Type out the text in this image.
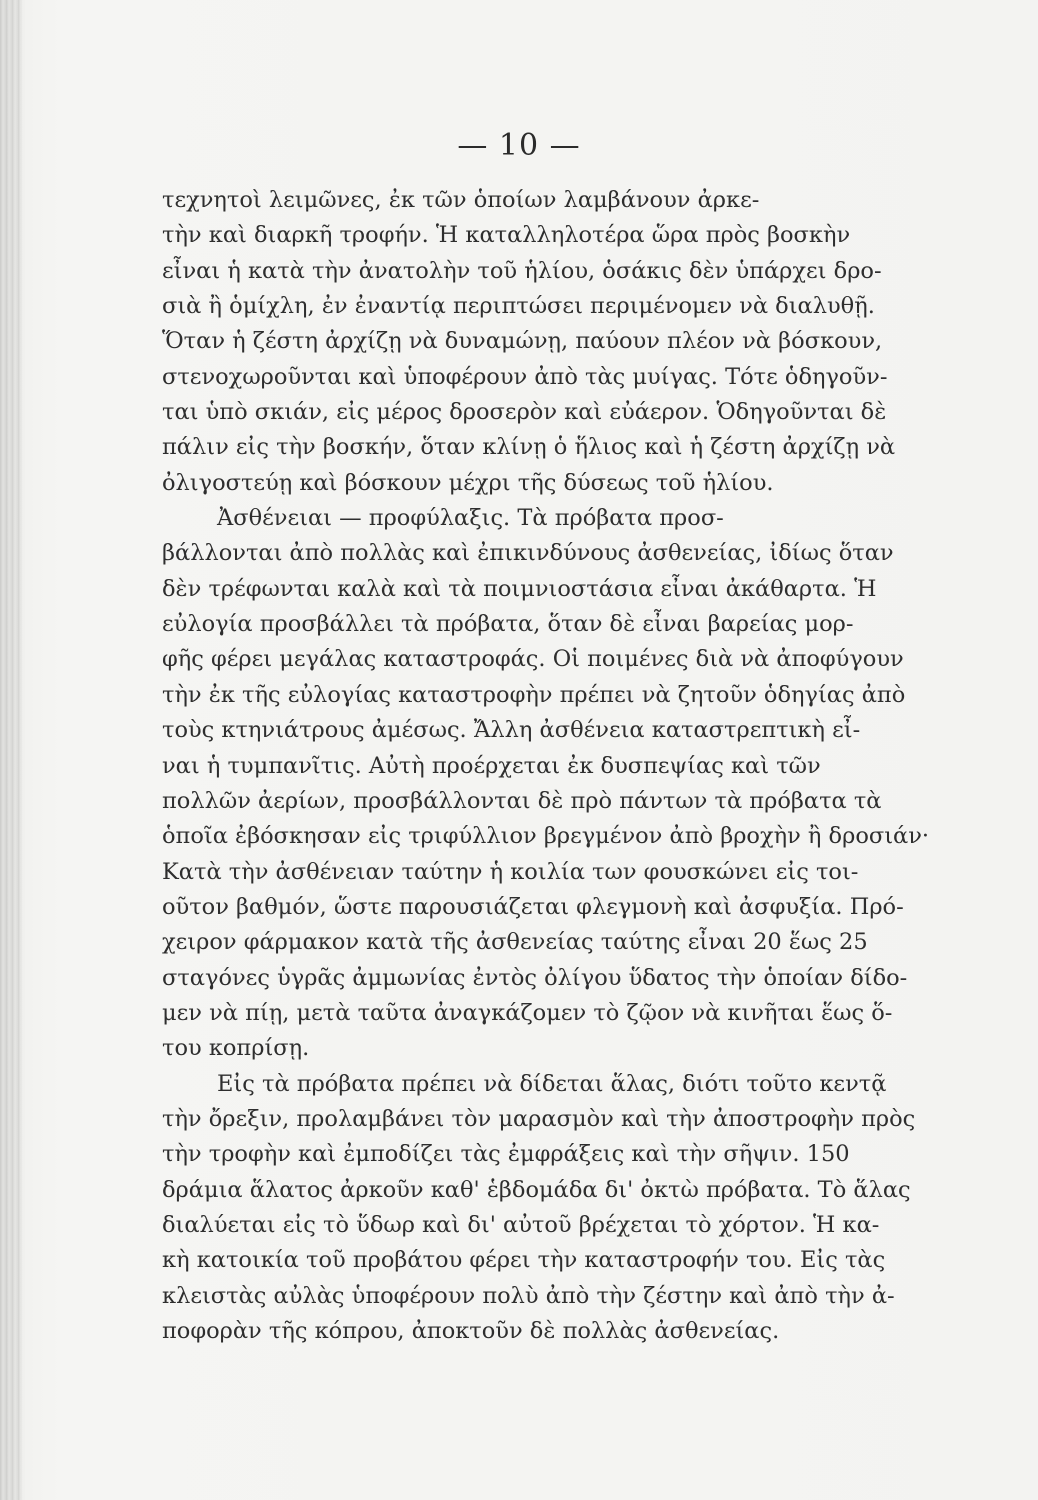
— 10 —
τεχνητοὶ λειμῶνες, ἐκ τῶν ὁποίων λαμβάνουν ἀρκε-
τὴν καὶ διαρκῆ τροφήν. Ἡ καταλληλοτέρα ὥρα πρὸς βοσκὴν
εἶναι ἡ κατὰ τὴν ἀνατολὴν τοῦ ἡλίου, ὁσάκις δὲν ὑπάρχει δρο-
σιὰ ἢ ὁμίχλη, ἐν ἐναντίᾳ περιπτώσει περιμένομεν νὰ διαλυθῇ.
Ὅταν ἡ ζέστη ἀρχίζῃ νὰ δυναμώνῃ, παύουν πλέον νὰ βόσκουν,
στενοχωροῦνται καὶ ὑποφέρουν ἀπὸ τὰς μυίγας. Τότε ὁδηγοῦν-
ται ὑπὸ σκιάν, εἰς μέρος δροσερὸν καὶ εὐάερον. Ὁδηγοῦνται δὲ
πάλιν εἰς τὴν βοσκήν, ὅταν κλίνῃ ὁ ἥλιος καὶ ἡ ζέστη ἀρχίζῃ νὰ
ὀλιγοστεύῃ καὶ βόσκουν μέχρι τῆς δύσεως τοῦ ἡλίου.
Ἀσθένειαι — προφύλαξις. Τὰ πρόβατα προσ-
βάλλονται ἀπὸ πολλὰς καὶ ἐπικινδύνους ἀσθενείας, ἰδίως ὅταν
δὲν τρέφωνται καλὰ καὶ τὰ ποιμνιοστάσια εἶναι ἀκάθαρτα. Ἡ
εὐλογία προσβάλλει τὰ πρόβατα, ὅταν δὲ εἶναι βαρείας μορ-
φῆς φέρει μεγάλας καταστροφάς. Οἱ ποιμένες διὰ νὰ ἀποφύγουν
τὴν ἐκ τῆς εὐλογίας καταστροφὴν πρέπει νὰ ζητοῦν ὁδηγίας ἀπὸ
τοὺς κτηνιάτρους ἀμέσως. Ἄλλη ἀσθένεια καταστρεπτικὴ εἶ-
ναι ἡ τυμπανῖτις. Αὐτὴ προέρχεται ἐκ δυσπεψίας καὶ τῶν
πολλῶν ἀερίων, προσβάλλονται δὲ πρὸ πάντων τὰ πρόβατα τὰ
ὁποῖα ἐβόσκησαν εἰς τριφύλλιον βρεγμένον ἀπὸ βροχὴν ἢ δροσιάν·
Κατὰ τὴν ἀσθένειαν ταύτην ἡ κοιλία των φουσκώνει εἰς τοι-
οῦτον βαθμόν, ὥστε παρουσιάζεται φλεγμονὴ καὶ ἀσφυξία. Πρό-
χειρον φάρμακον κατὰ τῆς ἀσθενείας ταύτης εἶναι 20 ἕως 25
σταγόνες ὑγρᾶς ἀμμωνίας ἐντὸς ὀλίγου ὕδατος τὴν ὁποίαν δίδο-
μεν νὰ πίῃ, μετὰ ταῦτα ἀναγκάζομεν τὸ ζῷον νὰ κινῆται ἕως ὅ-
του κοπρίσῃ.
Εἰς τὰ πρόβατα πρέπει νὰ δίδεται ἅλας, διότι τοῦτο κεντᾷ
τὴν ὄρεξιν, προλαμβάνει τὸν μαρασμὸν καὶ τὴν ἀποστροφὴν πρὸς
τὴν τροφὴν καὶ ἐμποδίζει τὰς ἐμφράξεις καὶ τὴν σῆψιν. 150
δράμια ἅλατος ἀρκοῦν καθ' ἑβδομάδα δι' ὀκτὼ πρόβατα. Τὸ ἅλας
διαλύεται εἰς τὸ ὕδωρ καὶ δι' αὐτοῦ βρέχεται τὸ χόρτον. Ἡ κα-
κὴ κατοικία τοῦ προβάτου φέρει τὴν καταστροφήν του. Εἰς τὰς
κλειστὰς αὐλὰς ὑποφέρουν πολὺ ἀπὸ τὴν ζέστην καὶ ἀπὸ τὴν ἀ-
ποφορὰν τῆς κόπρου, ἀποκτοῦν δὲ πολλὰς ἀσθενείας.
